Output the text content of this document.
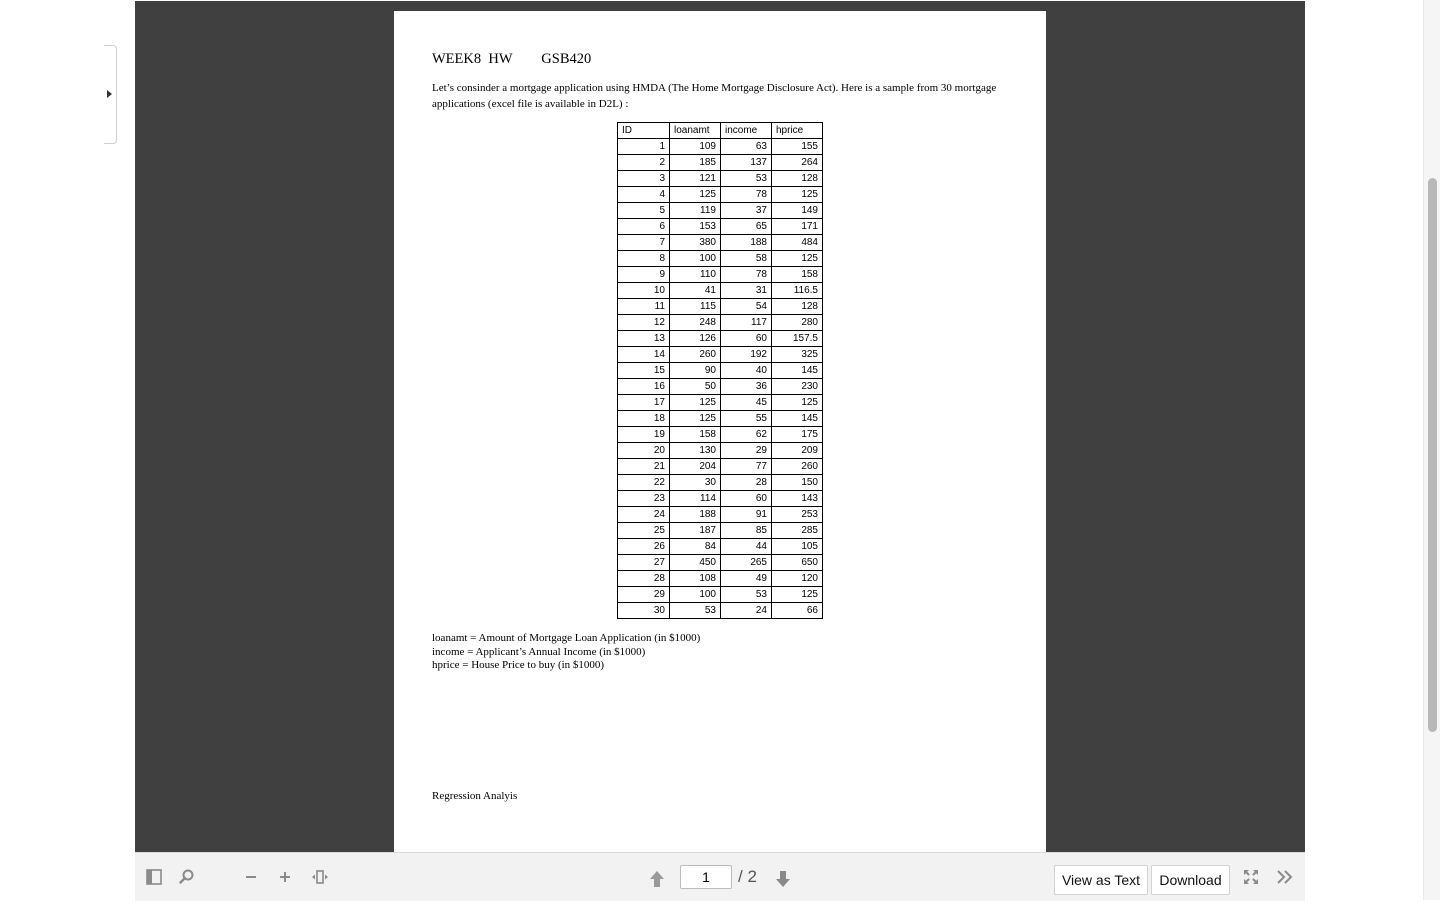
WEEK8  HW GSB420
Let’s consinder a mortgage application using HMDA (The Home Mortgage Disclosure Act). Here is a sample from 30 mortgage applications (excel file is available in D2L) :
ID	loanamt	income	hprice
1	109	63	155
2	185	137	264
3	121	53	128
4	125	78	125
5	119	37	149
6	153	65	171
7	380	188	484
8	100	58	125
9	110	78	158
10	41	31	116.5
11	115	54	128
12	248	117	280
13	126	60	157.5
14	260	192	325
15	90	40	145
16	50	36	230
17	125	45	125
18	125	55	145
19	158	62	175
20	130	29	209
21	204	77	260
22	30	28	150
23	114	60	143
24	188	91	253
25	187	85	285
26	84	44	105
27	450	265	650
28	108	49	120
29	100	53	125
30	53	24	66
loanamt = Amount of Mortgage Loan Application (in $1000)
income = Applicant’s Annual Income (in $1000)
hprice = House Price to buy (in $1000)
Regression Analyis
1
/ 2	View as Text	Download
